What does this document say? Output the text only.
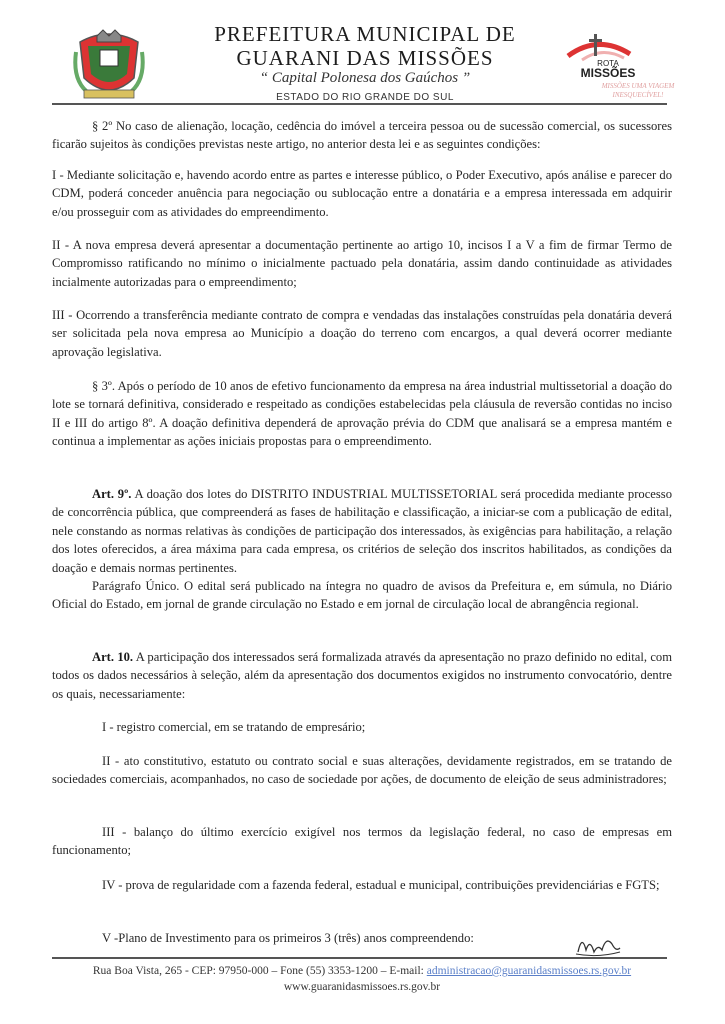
PREFEITURA MUNICIPAL DE
GUARANI DAS MISSÕES
“ Capital Polonesa dos Gaúchos ”
ESTADO DO RIO GRANDE DO SUL
ROTA
MISSÕES
MISSÕES UMA VIAGEM INESQUECÍVEL!

§ 2º No caso de alienação, locação, cedência do imóvel a terceira pessoa ou de sucessão comercial, os sucessores ficarão sujeitos às condições previstas neste artigo, no anterior desta lei e as seguintes condições:

I - Mediante solicitação e, havendo acordo entre as partes e interesse público, o Poder Executivo, após análise e parecer do CDM, poderá conceder anuência para negociação ou sublocação entre a donatária e a empresa interessada em adquirir e/ou prosseguir com as atividades do empreendimento.

II - A nova empresa deverá apresentar a documentação pertinente ao artigo 10, incisos I a V a fim de firmar Termo de Compromisso ratificando no mínimo o inicialmente pactuado pela donatária, assim dando continuidade as atividades incialmente autorizadas para o empreendimento;

III - Ocorrendo a transferência mediante contrato de compra e vendadas das instalações construídas pela donatária deverá ser solicitada pela nova empresa ao Município a doação do terreno com encargos, a qual deverá ocorrer mediante aprovação legislativa.

§ 3º. Após o período de 10 anos de efetivo funcionamento da empresa na área industrial multissetorial a doação do lote se tornará definitiva, considerado e respeitado as condições estabelecidas pela cláusula de reversão contidas no inciso II e III do artigo 8º. A doação definitiva dependerá de aprovação prévia do CDM que analisará se a empresa mantém e continua a implementar as ações iniciais propostas para o empreendimento.

Art. 9º. A doação dos lotes do DISTRITO INDUSTRIAL MULTISSETORIAL será procedida mediante processo de concorrência pública, que compreenderá as fases de habilitação e classificação, a iniciar-se com a publicação de edital, nele constando as normas relativas às condições de participação dos interessados, às exigências para habilitação, a relação dos lotes oferecidos, a área máxima para cada empresa, os critérios de seleção dos inscritos habilitados, as condições da doação e demais normas pertinentes.

Parágrafo Único. O edital será publicado na íntegra no quadro de avisos da Prefeitura e, em súmula, no Diário Oficial do Estado, em jornal de grande circulação no Estado e em jornal de circulação local de abrangência regional.

Art. 10. A participação dos interessados será formalizada através da apresentação no prazo definido no edital, com todos os dados necessários à seleção, além da apresentação dos documentos exigidos no instrumento convocatório, dentre os quais, necessariamente:

I - registro comercial, em se tratando de empresário;

II - ato constitutivo, estatuto ou contrato social e suas alterações, devidamente registrados, em se tratando de sociedades comerciais, acompanhados, no caso de sociedade por ações, de documento de eleição de seus administradores;

III - balanço do último exercício exigível nos termos da legislação federal, no caso de empresas em funcionamento;

IV - prova de regularidade com a fazenda federal, estadual e municipal, contribuições previdenciárias e FGTS;

V -Plano de Investimento para os primeiros 3 (três) anos compreendendo:

Rua Boa Vista, 265 - CEP: 97950-000 – Fone (55) 3353-1200 – E-mail: administracao@guaranidasmissoes.rs.gov.br
www.guaranidasmissoes.rs.gov.br
